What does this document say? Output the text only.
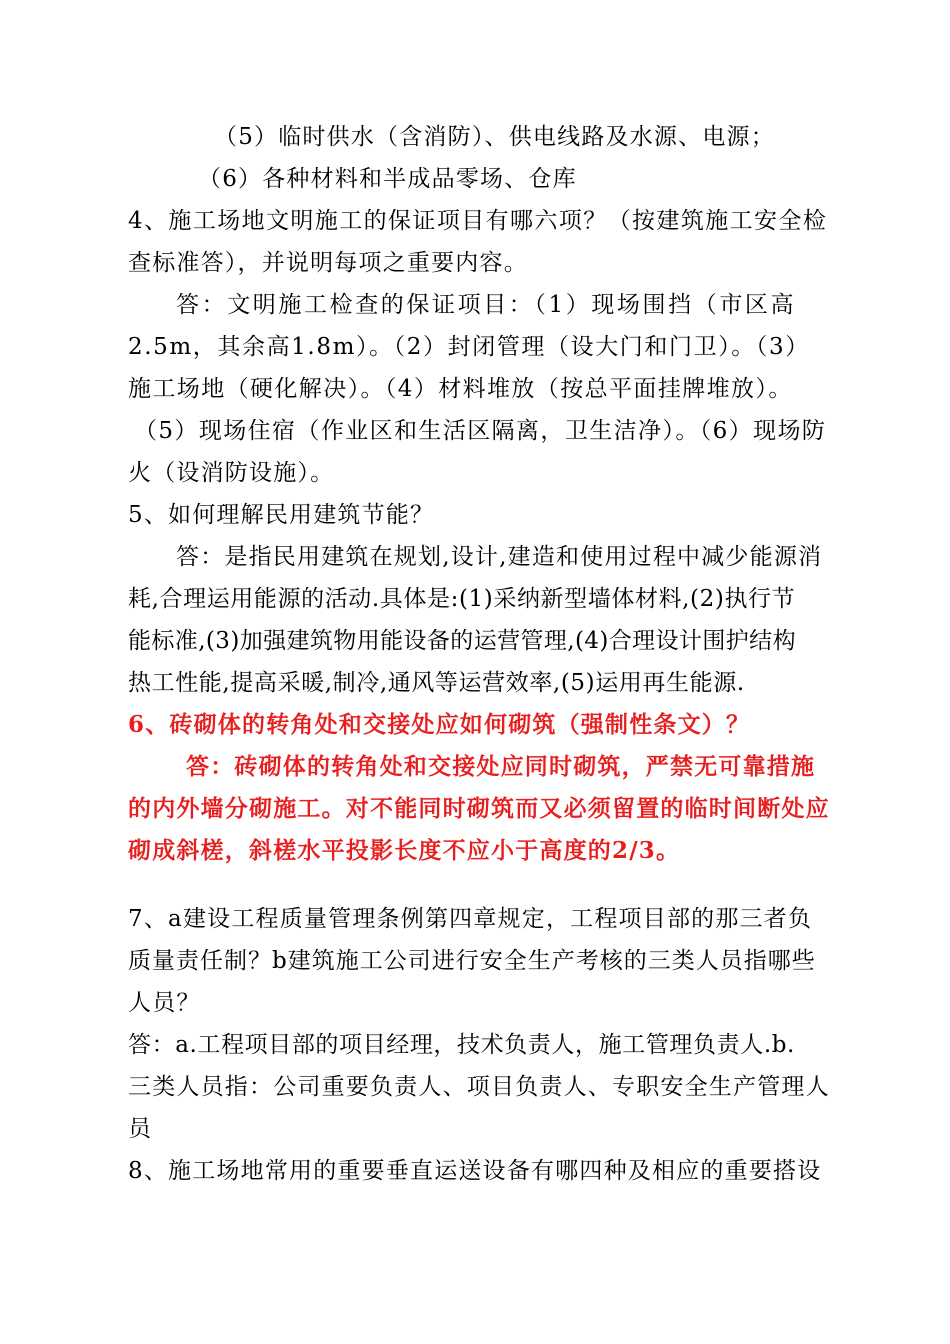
（5）临时供水（含消防）、供电线路及水源、电源；
（6）各种材料和半成品零场、仓库
4、施工场地文明施工的保证项目有哪六项？（按建筑施工安全检
查标准答），并说明每项之重要内容。
答：文明施工检查的保证项目：（1）现场围挡（市区高
2.5m，其余高1.8m）。（2）封闭管理（设大门和门卫）。（3）
施工场地（硬化解决）。（4）材料堆放（按总平面挂牌堆放）。
（5）现场住宿（作业区和生活区隔离，卫生洁净）。（6）现场防
火（设消防设施）。
5、如何理解民用建筑节能？
答：是指民用建筑在规划,设计,建造和使用过程中减少能源消
耗,合理运用能源的活动.具体是:(1)采纳新型墙体材料,(2)执行节
能标准,(3)加强建筑物用能设备的运营管理,(4)合理设计围护结构
热工性能,提高采暖,制冷,通风等运营效率,(5)运用再生能源.
6、砖砌体的转角处和交接处应如何砌筑（强制性条文）？
答：砖砌体的转角处和交接处应同时砌筑，严禁无可靠措施
的内外墙分砌施工。对不能同时砌筑而又必须留置的临时间断处应
砌成斜槎，斜槎水平投影长度不应小于高度的2/3。
7、a建设工程质量管理条例第四章规定，工程项目部的那三者负
质量责任制？b建筑施工公司进行安全生产考核的三类人员指哪些
人员？
答：a.工程项目部的项目经理，技术负责人，施工管理负责人.b.
三类人员指：公司重要负责人、项目负责人、专职安全生产管理人
员
8、施工场地常用的重要垂直运送设备有哪四种及相应的重要搭设
